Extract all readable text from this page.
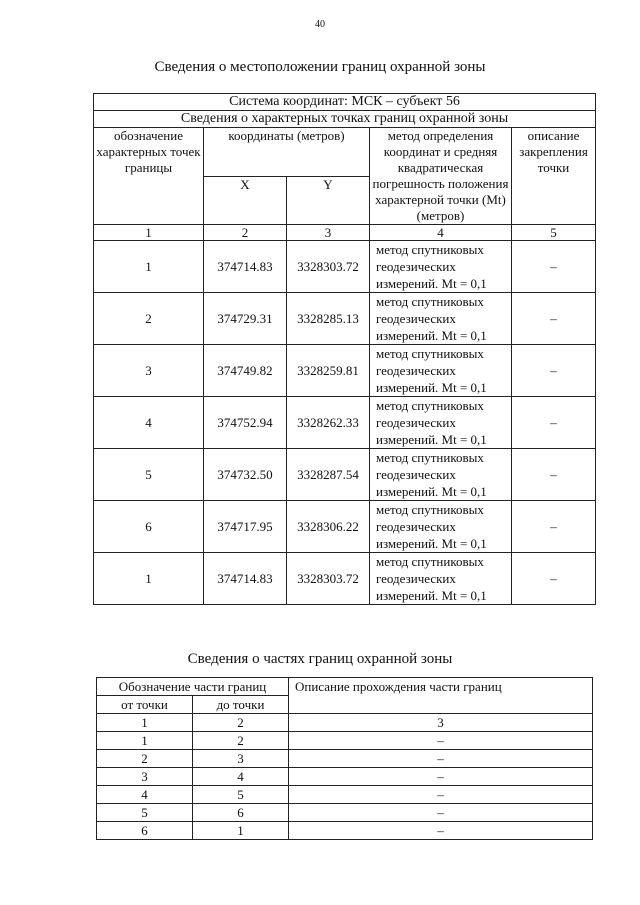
40
Сведения о местоположении границ охранной зоны
Система координат: МСК – субъект 56				
Сведения о характерных точках границ охранной зоны				
обозначение характерных точек границы	координаты (метров)		метод определения координат и средняя квадратическая погрешность положения характерной точки (Mt) (метров)	описание закрепления точки
	X	Y		
1	2	3	4	5
1	374714.83	3328303.72	метод спутниковых геодезических измерений. Mt = 0,1	–
2	374729.31	3328285.13	метод спутниковых геодезических измерений. Mt = 0,1	–
3	374749.82	3328259.81	метод спутниковых геодезических измерений. Mt = 0,1	–
4	374752.94	3328262.33	метод спутниковых геодезических измерений. Mt = 0,1	–
5	374732.50	3328287.54	метод спутниковых геодезических измерений. Mt = 0,1	–
6	374717.95	3328306.22	метод спутниковых геодезических измерений. Mt = 0,1	–
1	374714.83	3328303.72	метод спутниковых геодезических измерений. Mt = 0,1	–
Сведения о частях границ охранной зоны
Обозначение части границ		Описание прохождения части границ
от точки	до точки	
1	2	3
1	2	–
2	3	–
3	4	–
4	5	–
5	6	–
6	1	–
